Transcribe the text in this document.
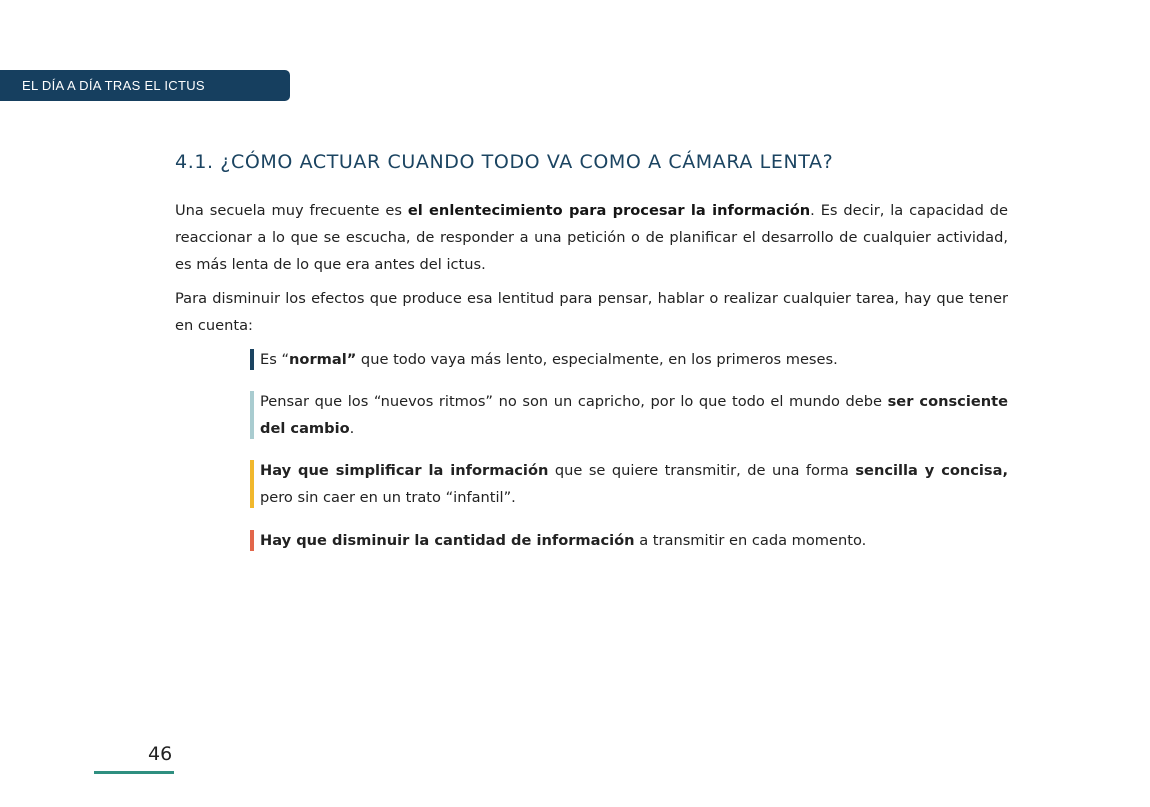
EL DÍA A DÍA TRAS EL ICTUS
4.1. ¿CÓMO ACTUAR CUANDO TODO VA COMO A CÁMARA LENTA?

Una secuela muy frecuente es el enlentecimiento para procesar la información. Es decir, la capacidad de reaccionar a lo que se escucha, de responder a una petición o de planificar el desarrollo de cualquier actividad, es más lenta de lo que era antes del ictus.

Para disminuir los efectos que produce esa lentitud para pensar, hablar o realizar cualquier tarea, hay que tener en cuenta:

Es “normal” que todo vaya más lento, especialmente, en los primeros meses.

Pensar que los “nuevos ritmos” no son un capricho, por lo que todo el mundo debe ser consciente del cambio.

Hay que simplificar la información que se quiere transmitir, de una forma sencilla y concisa, pero sin caer en un trato “infantil”.

Hay que disminuir la cantidad de información a transmitir en cada momento.

46
